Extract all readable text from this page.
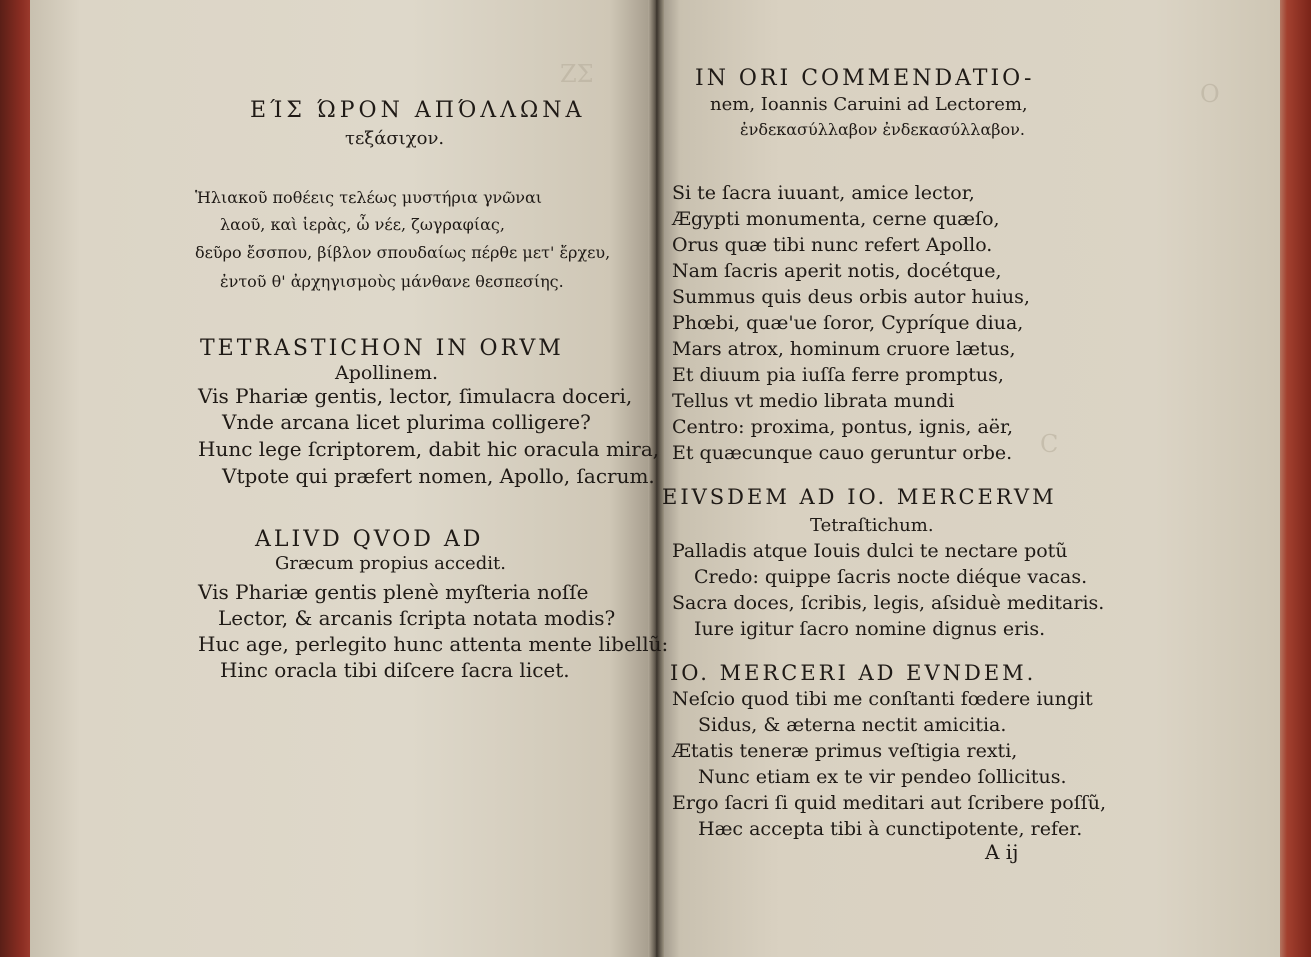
ΖΣ
O
C
ΕΊΣ ΏΡΟΝ ΑΠΌΛΛΩΝΑ
τεξάσιχον.
Ἡλιακοῦ ποθέεις τελέως μυστήρια γνῶναι
λαοῦ, καὶ ἱερὰς, ὦ νέε, ζωγραφίας,
δεῦρο ἔσσπου, βίβλον σπουδαίως πέρθε μετ' ἔρχευ,
ἐντοῦ θ' ἀρχηγισμοὺς μάνθανε θεσπεσίης.
TETRASTICHON IN ORVM
Apollinem.
Vis Phariæ gentis, lector, ſimulacra doceri,
Vnde arcana licet plurima colligere?
Hunc lege ſcriptorem, dabit hic oracula mira,
Vtpote qui præfert nomen, Apollo, ſacrum.
ALIVD QVOD AD
Græcum propius accedit.
Vis Phariæ gentis plenè myſteria noſſe
Lector, & arcanis ſcripta notata modis?
Huc age, perlegito hunc attenta mente libellũ:
Hinc oracla tibi diſcere ſacra licet.
IN ORI COMMENDATIO-
nem, Ioannis Caruini ad Lectorem,
ἐνδεκασύλλαβον ἐνδεκασύλλαβον.
Si te ſacra iuuant, amice lector,
Ægypti monumenta, cerne quæſo,
Orus quæ tibi nunc refert Apollo.
Nam ſacris aperit notis, docétque,
Summus quis deus orbis autor huius,
Phœbi, quæ'ue ſoror, Cypríque diua,
Mars atrox, hominum cruore lætus,
Et diuum pia iuſſa ferre promptus,
Tellus vt medio librata mundi
Centro: proxima, pontus, ignis, aër,
Et quæcunque cauo geruntur orbe.
EIVSDEM AD IO. MERCERVM
Tetraſtichum.
Palladis atque Iouis dulci te nectare potũ
Credo: quippe ſacris nocte diéque vacas.
Sacra doces, ſcribis, legis, aſsiduè meditaris.
Iure igitur ſacro nomine dignus eris.
IO. MERCERI AD EVNDEM.
Neſcio quod tibi me conſtanti fœdere iungit
Sidus, & æterna nectit amicitia.
Ætatis teneræ primus veſtigia rexti,
Nunc etiam ex te vir pendeo ſollicitus.
Ergo ſacri ſi quid meditari aut ſcribere poſſũ,
Hæc accepta tibi à cunctipotente, refer.
A ij
